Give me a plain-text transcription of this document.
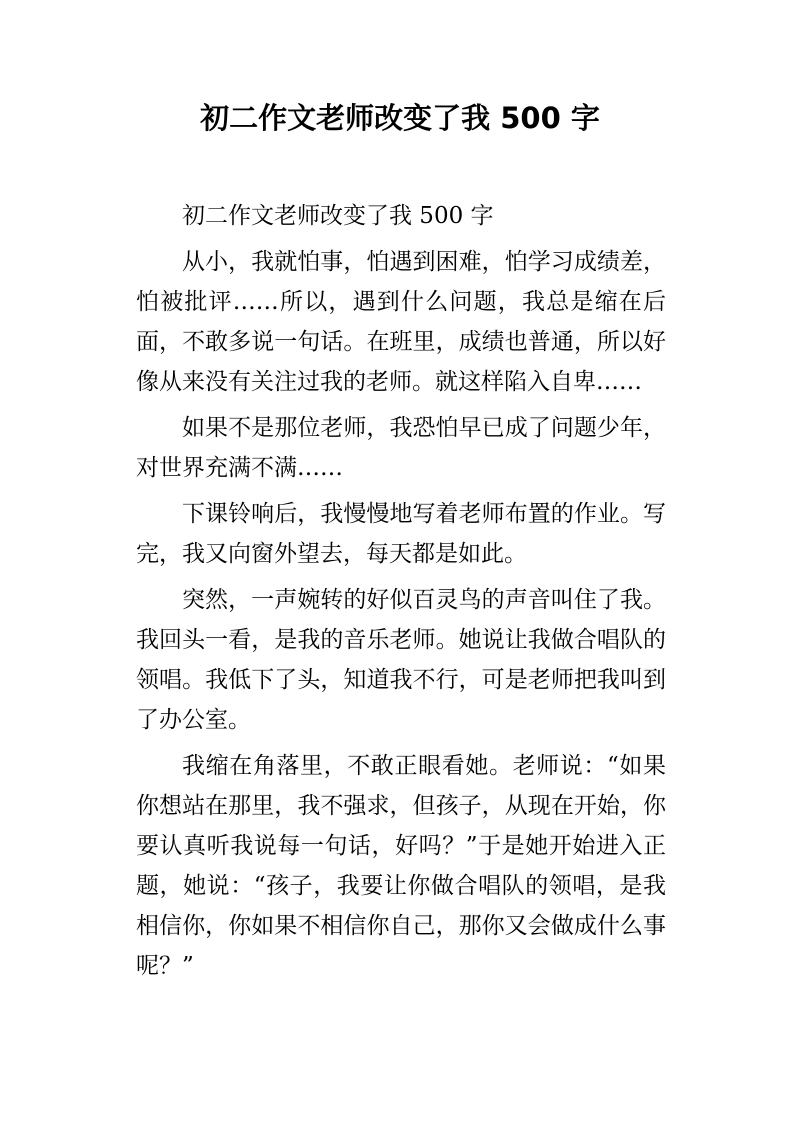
初二作文老师改变了我 500 字

初二作文老师改变了我 500 字

从小，我就怕事，怕遇到困难，怕学习成绩差，怕被批评……所以，遇到什么问题，我总是缩在后面，不敢多说一句话。在班里，成绩也普通，所以好像从来没有关注过我的老师。就这样陷入自卑……

如果不是那位老师，我恐怕早已成了问题少年，对世界充满不满……

下课铃响后，我慢慢地写着老师布置的作业。写完，我又向窗外望去，每天都是如此。

突然，一声婉转的好似百灵鸟的声音叫住了我。我回头一看，是我的音乐老师。她说让我做合唱队的领唱。我低下了头，知道我不行，可是老师把我叫到了办公室。

我缩在角落里，不敢正眼看她。老师说：“如果你想站在那里，我不强求，但孩子，从现在开始，你要认真听我说每一句话，好吗？”于是她开始进入正题，她说：“孩子，我要让你做合唱队的领唱，是我相信你，你如果不相信你自己，那你又会做成什么事呢？”
